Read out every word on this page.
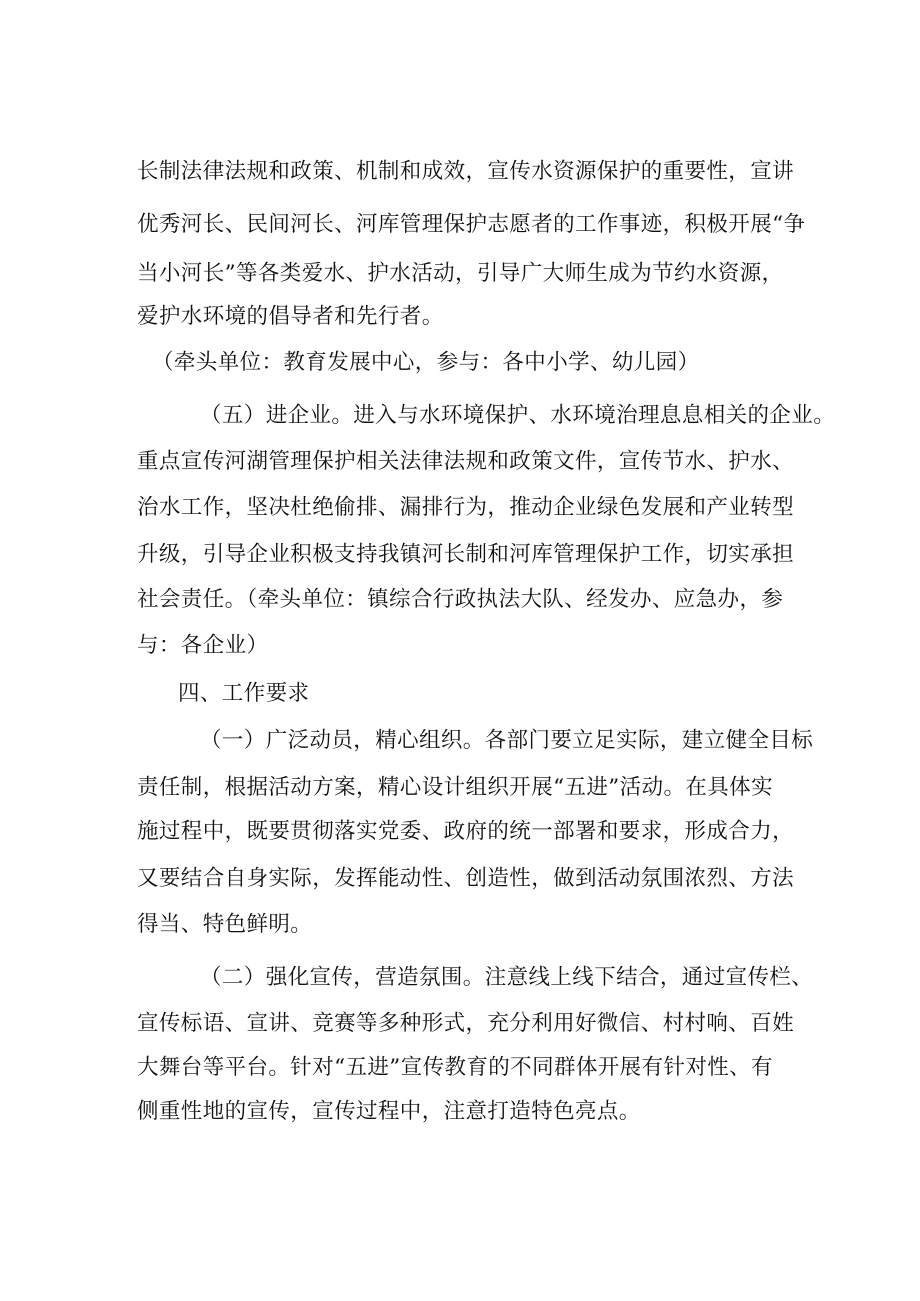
长制法律法规和政策、机制和成效，宣传水资源保护的重要性，宣讲
优秀河长、民间河长、河库管理保护志愿者的工作事迹，积极开展“争
当小河长”等各类爱水、护水活动，引导广大师生成为节约水资源，
爱护水环境的倡导者和先行者。
（牵头单位：教育发展中心，参与：各中小学、幼儿园）
（五）进企业。进入与水环境保护、水环境治理息息相关的企业。
重点宣传河湖管理保护相关法律法规和政策文件，宣传节水、护水、
治水工作，坚决杜绝偷排、漏排行为，推动企业绿色发展和产业转型
升级，引导企业积极支持我镇河长制和河库管理保护工作，切实承担
社会责任。（牵头单位：镇综合行政执法大队、经发办、应急办，参
与：各企业）
四、工作要求
（一）广泛动员，精心组织。各部门要立足实际，建立健全目标
责任制，根据活动方案，精心设计组织开展“五进”活动。在具体实
施过程中，既要贯彻落实党委、政府的统一部署和要求，形成合力，
又要结合自身实际，发挥能动性、创造性，做到活动氛围浓烈、方法
得当、特色鲜明。
（二）强化宣传，营造氛围。注意线上线下结合，通过宣传栏、
宣传标语、宣讲、竞赛等多种形式，充分利用好微信、村村响、百姓
大舞台等平台。针对“五进”宣传教育的不同群体开展有针对性、有
侧重性地的宣传，宣传过程中，注意打造特色亮点。
